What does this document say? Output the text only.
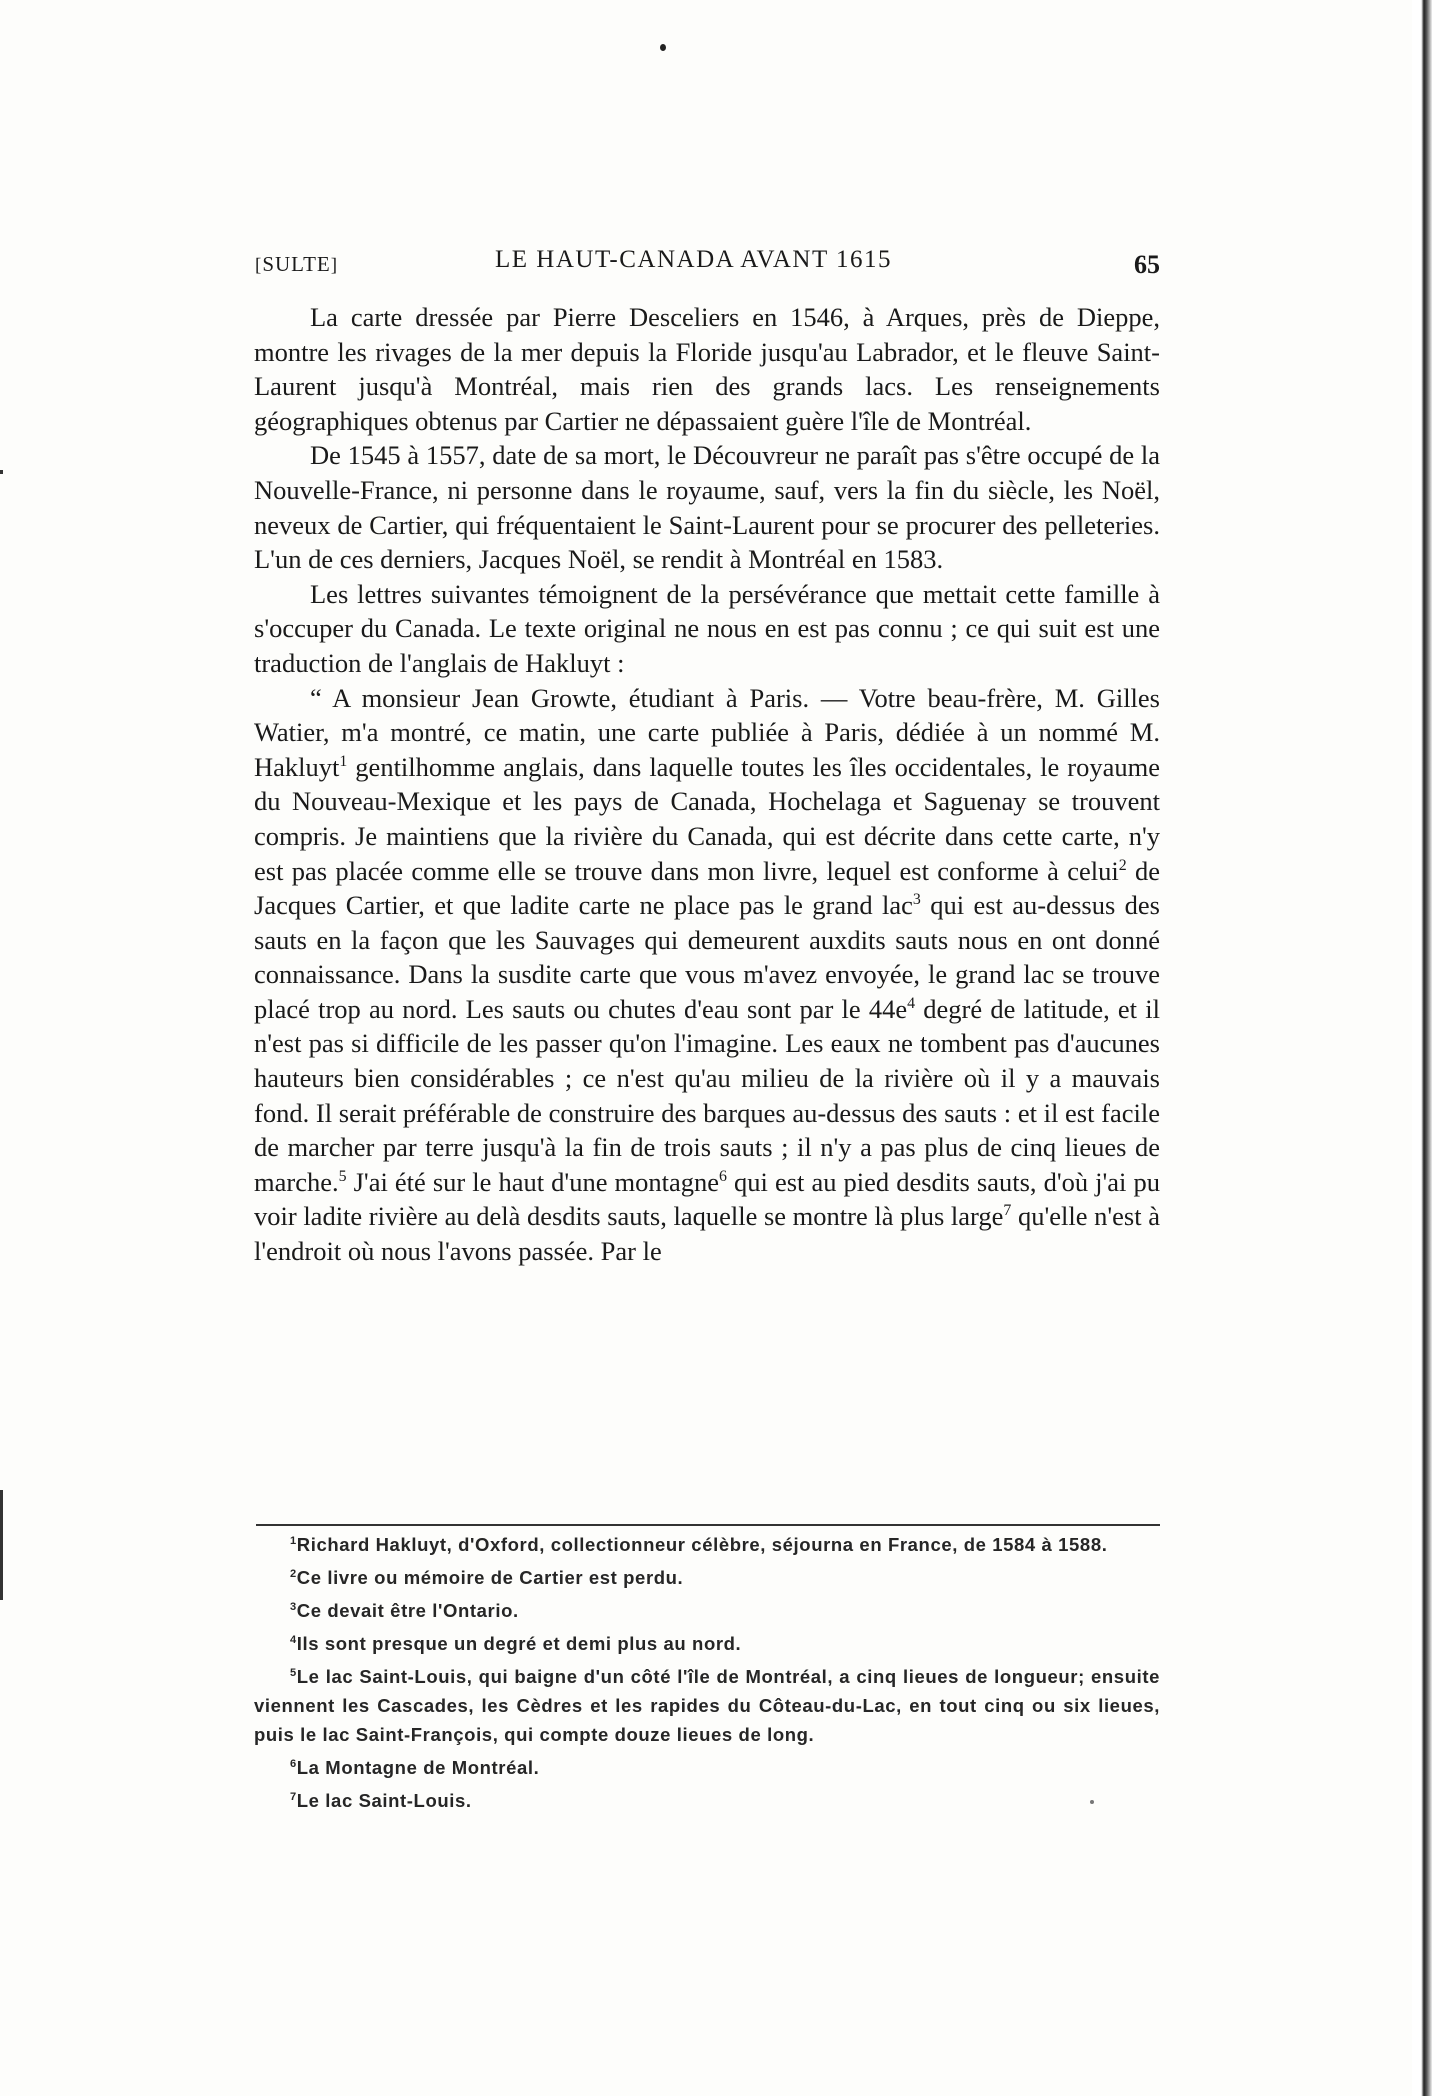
[SULTE]	LE HAUT-CANADA AVANT 1615	65

La carte dressée par Pierre Desceliers en 1546, à Arques, près de Dieppe, montre les rivages de la mer depuis la Floride jusqu'au Labrador, et le fleuve Saint-Laurent jusqu'à Montréal, mais rien des grands lacs. Les renseignements géographiques obtenus par Cartier ne dépassaient guère l'île de Montréal.

De 1545 à 1557, date de sa mort, le Découvreur ne paraît pas s'être occupé de la Nouvelle-France, ni personne dans le royaume, sauf, vers la fin du siècle, les Noël, neveux de Cartier, qui fréquentaient le Saint-Laurent pour se procurer des pelleteries. L'un de ces derniers, Jacques Noël, se rendit à Montréal en 1583.

Les lettres suivantes témoignent de la persévérance que mettait cette famille à s'occuper du Canada. Le texte original ne nous en est pas connu ; ce qui suit est une traduction de l'anglais de Hakluyt :

“ A monsieur Jean Growte, étudiant à Paris. — Votre beau-frère, M. Gilles Watier, m'a montré, ce matin, une carte publiée à Paris, dédiée à un nommé M. Hakluyt$^1$ gentilhomme anglais, dans laquelle toutes les îles occidentales, le royaume du Nouveau-Mexique et les pays de Canada, Hochelaga et Saguenay se trouvent compris. Je maintiens que la rivière du Canada, qui est décrite dans cette carte, n'y est pas placée comme elle se trouve dans mon livre, lequel est conforme à celui$^2$ de Jacques Cartier, et que ladite carte ne place pas le grand lac$^3$ qui est au-dessus des sauts en la façon que les Sauvages qui demeurent auxdits sauts nous en ont donné connaissance. Dans la susdite carte que vous m'avez envoyée, le grand lac se trouve placé trop au nord. Les sauts ou chutes d'eau sont par le $44e^4$ degré de latitude, et il n'est pas si difficile de les passer qu'on l'imagine. Les eaux ne tombent pas d'aucunes hauteurs bien considérables ; ce n'est qu'au milieu de la rivière où il y a mauvais fond. Il serait préférable de construire des barques au-dessus des sauts : et il est facile de marcher par terre jusqu'à la fin de trois sauts ; il n'y a pas plus de cinq lieues de marche.$^5$ J'ai été sur le haut d'une montagne$^6$ qui est au pied desdits sauts, d'où j'ai pu voir ladite rivière au delà desdits sauts, laquelle se montre là plus large$^7$ qu'elle n'est à l'endroit où nous l'avons passée. Par le

$^1$Richard Hakluyt, d'Oxford, collectionneur célèbre, séjourna en France, de 1584 à 1588.

$^2$Ce livre ou mémoire de Cartier est perdu.

$^3$Ce devait être l'Ontario.

$^4$Ils sont presque un degré et demi plus au nord.

$^5$Le lac Saint-Louis, qui baigne d'un côté l'île de Montréal, a cinq lieues de longueur; ensuite viennent les Cascades, les Cèdres et les rapides du Côteau-du-Lac, en tout cinq ou six lieues, puis le lac Saint-François, qui compte douze lieues de long.

$^6$La Montagne de Montréal.

$^7$Le lac Saint-Louis.
